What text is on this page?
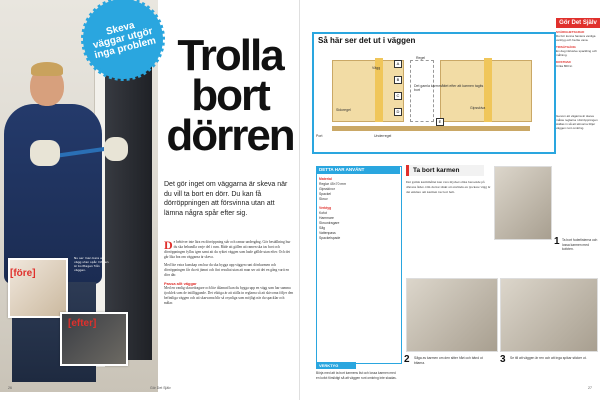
Nu ser man bara en vägg utan spår. Dörren är borttagen från väggen.
[före]
[efter]
Skeva väggar utgör inga problem Trolla
bort
dörren
Det gör inget om väggarna är skeva när du vill ta bort en dörr. Du kan få dörröppningen att försvinna utan att lämna några spår efter sig.
D e behöver inte lära en dörröppning står och ramar undergång. Gör beställning hur du ska behandla varje del i rum. Både att gällen att ramen ska tas bort och dörröppningen fyllas igen samt att du ryktet väggen som hade gällde utan efter. Och det går lika bra om väggarna är skeva.
Med lite extra kunskap om hur du ska bygga upp väggen runt dörrkarmen och dörröppningen får du ett jämnt och fint resultat utan att man ser att det en gång varit en dörr där.
Passa allt väggar
Med en vanlig skruvdragare och lite tålamod kan du bygga upp en vägg som har samma tjocklek som de intilliggande. Det viktiga är att ställa in reglarna så att skivorna följer den befintliga väggen och att skarvarna blir så osynliga som möjligt när du spacklar och målar.
26	Gör Det Själv
Gör Det Själv
SVÅRIGHETSGRAD
Du bör kunna hantera vanliga verktyg och ha lite vana.
TIDSÅTGÅNG
En dag inklusive spackling och målning.
KOSTNAD
Cirka 800 kr.
Så här ser det ut i väggen
Vägg
Regel
Gipsskiva
Sidoregel
Underregel
Port
Det gamla karmmåttet efter att karmen tagits bort
A
B
C
D
E
Genom att vägarna är skeva måste reglarna i dörröppningen ställas in så att skivorna följer väggen runt omkring.
DETTA HAR ANVÄNT
Material
Reglar 45×70 mm
Gipsskivor
Spackel
Skruv
Verktyg
Kofot
Hammare
Skruvdragare
Såg
Vattenpass
Spackelspade
VERKTYG
Börja med att ta bort karmens list och lossa karmen med en kofot försiktigt så att väggen runt omkring inte skadas.
Ta bort karmen
Det gamla karmmåttet kan vara mycket olika beroende på dörrens ålder. Om du har tänkt att använda en tjockare vägg är det enklare om karmen tas bort helt.
1 Ta bort foderlisterna och lossa karmen med kofoten.
2 Såga av karmen om den sitter hårt och bänd ut bitarna.	3 Se till att väggen är ren och att inga spikar sticker ut.
27
